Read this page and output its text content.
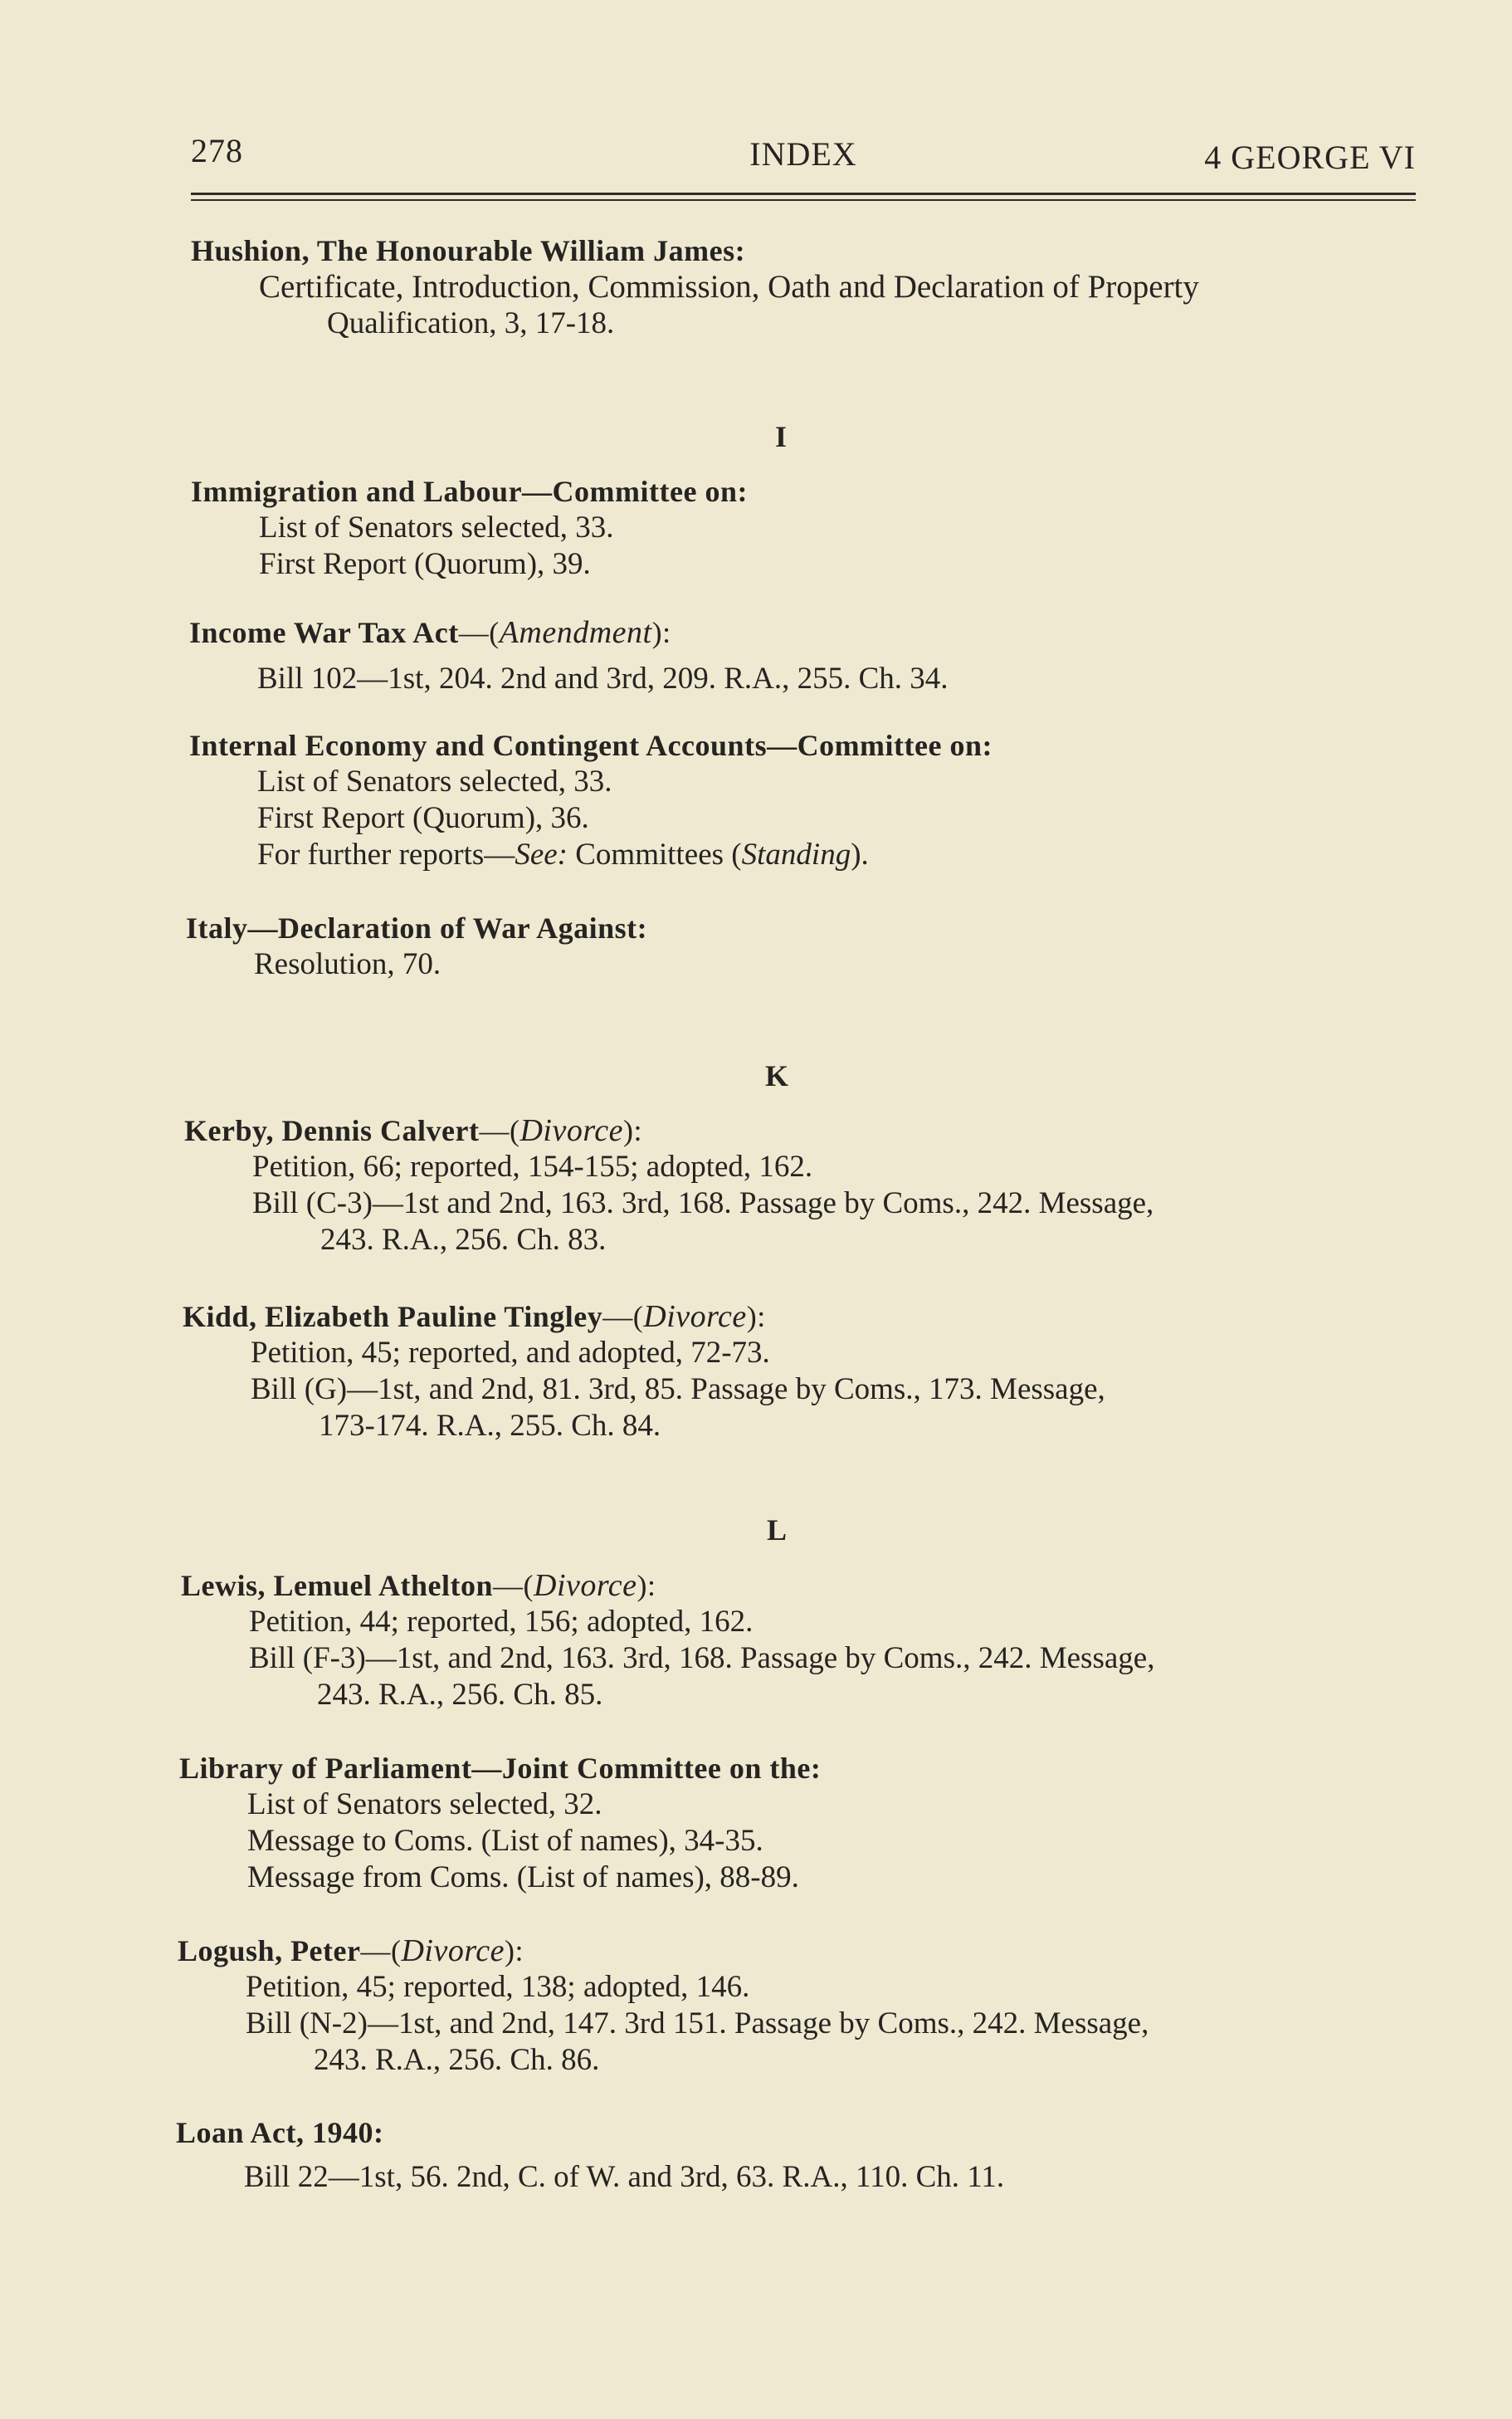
278	INDEX	4 GEORGE VI
Hushion, The Honourable William James:
Certificate, Introduction, Commission, Oath and Declaration of Property
Qualification, 3, 17-18.
I
Immigration and Labour—Committee on:
List of Senators selected, 33.
First Report (Quorum), 39.
Income War Tax Act—(Amendment):
Bill 102—1st, 204. 2nd and 3rd, 209. R.A., 255. Ch. 34.
Internal Economy and Contingent Accounts—Committee on:
List of Senators selected, 33.
First Report (Quorum), 36.
For further reports—See: Committees (Standing).
Italy—Declaration of War Against:
Resolution, 70.
K
Kerby, Dennis Calvert—(Divorce):
Petition, 66; reported, 154-155; adopted, 162.
Bill (C-3)—1st and 2nd, 163. 3rd, 168. Passage by Coms., 242. Message,
243. R.A., 256. Ch. 83.
Kidd, Elizabeth Pauline Tingley—(Divorce):
Petition, 45; reported, and adopted, 72-73.
Bill (G)—1st, and 2nd, 81. 3rd, 85. Passage by Coms., 173. Message,
173-174. R.A., 255. Ch. 84.
L
Lewis, Lemuel Athelton—(Divorce):
Petition, 44; reported, 156; adopted, 162.
Bill (F-3)—1st, and 2nd, 163. 3rd, 168. Passage by Coms., 242. Message,
243. R.A., 256. Ch. 85.
Library of Parliament—Joint Committee on the:
List of Senators selected, 32.
Message to Coms. (List of names), 34-35.
Message from Coms. (List of names), 88-89.
Logush, Peter—(Divorce):
Petition, 45; reported, 138; adopted, 146.
Bill (N-2)—1st, and 2nd, 147. 3rd 151. Passage by Coms., 242. Message,
243. R.A., 256. Ch. 86.
Loan Act, 1940:
Bill 22—1st, 56. 2nd, C. of W. and 3rd, 63. R.A., 110. Ch. 11.
